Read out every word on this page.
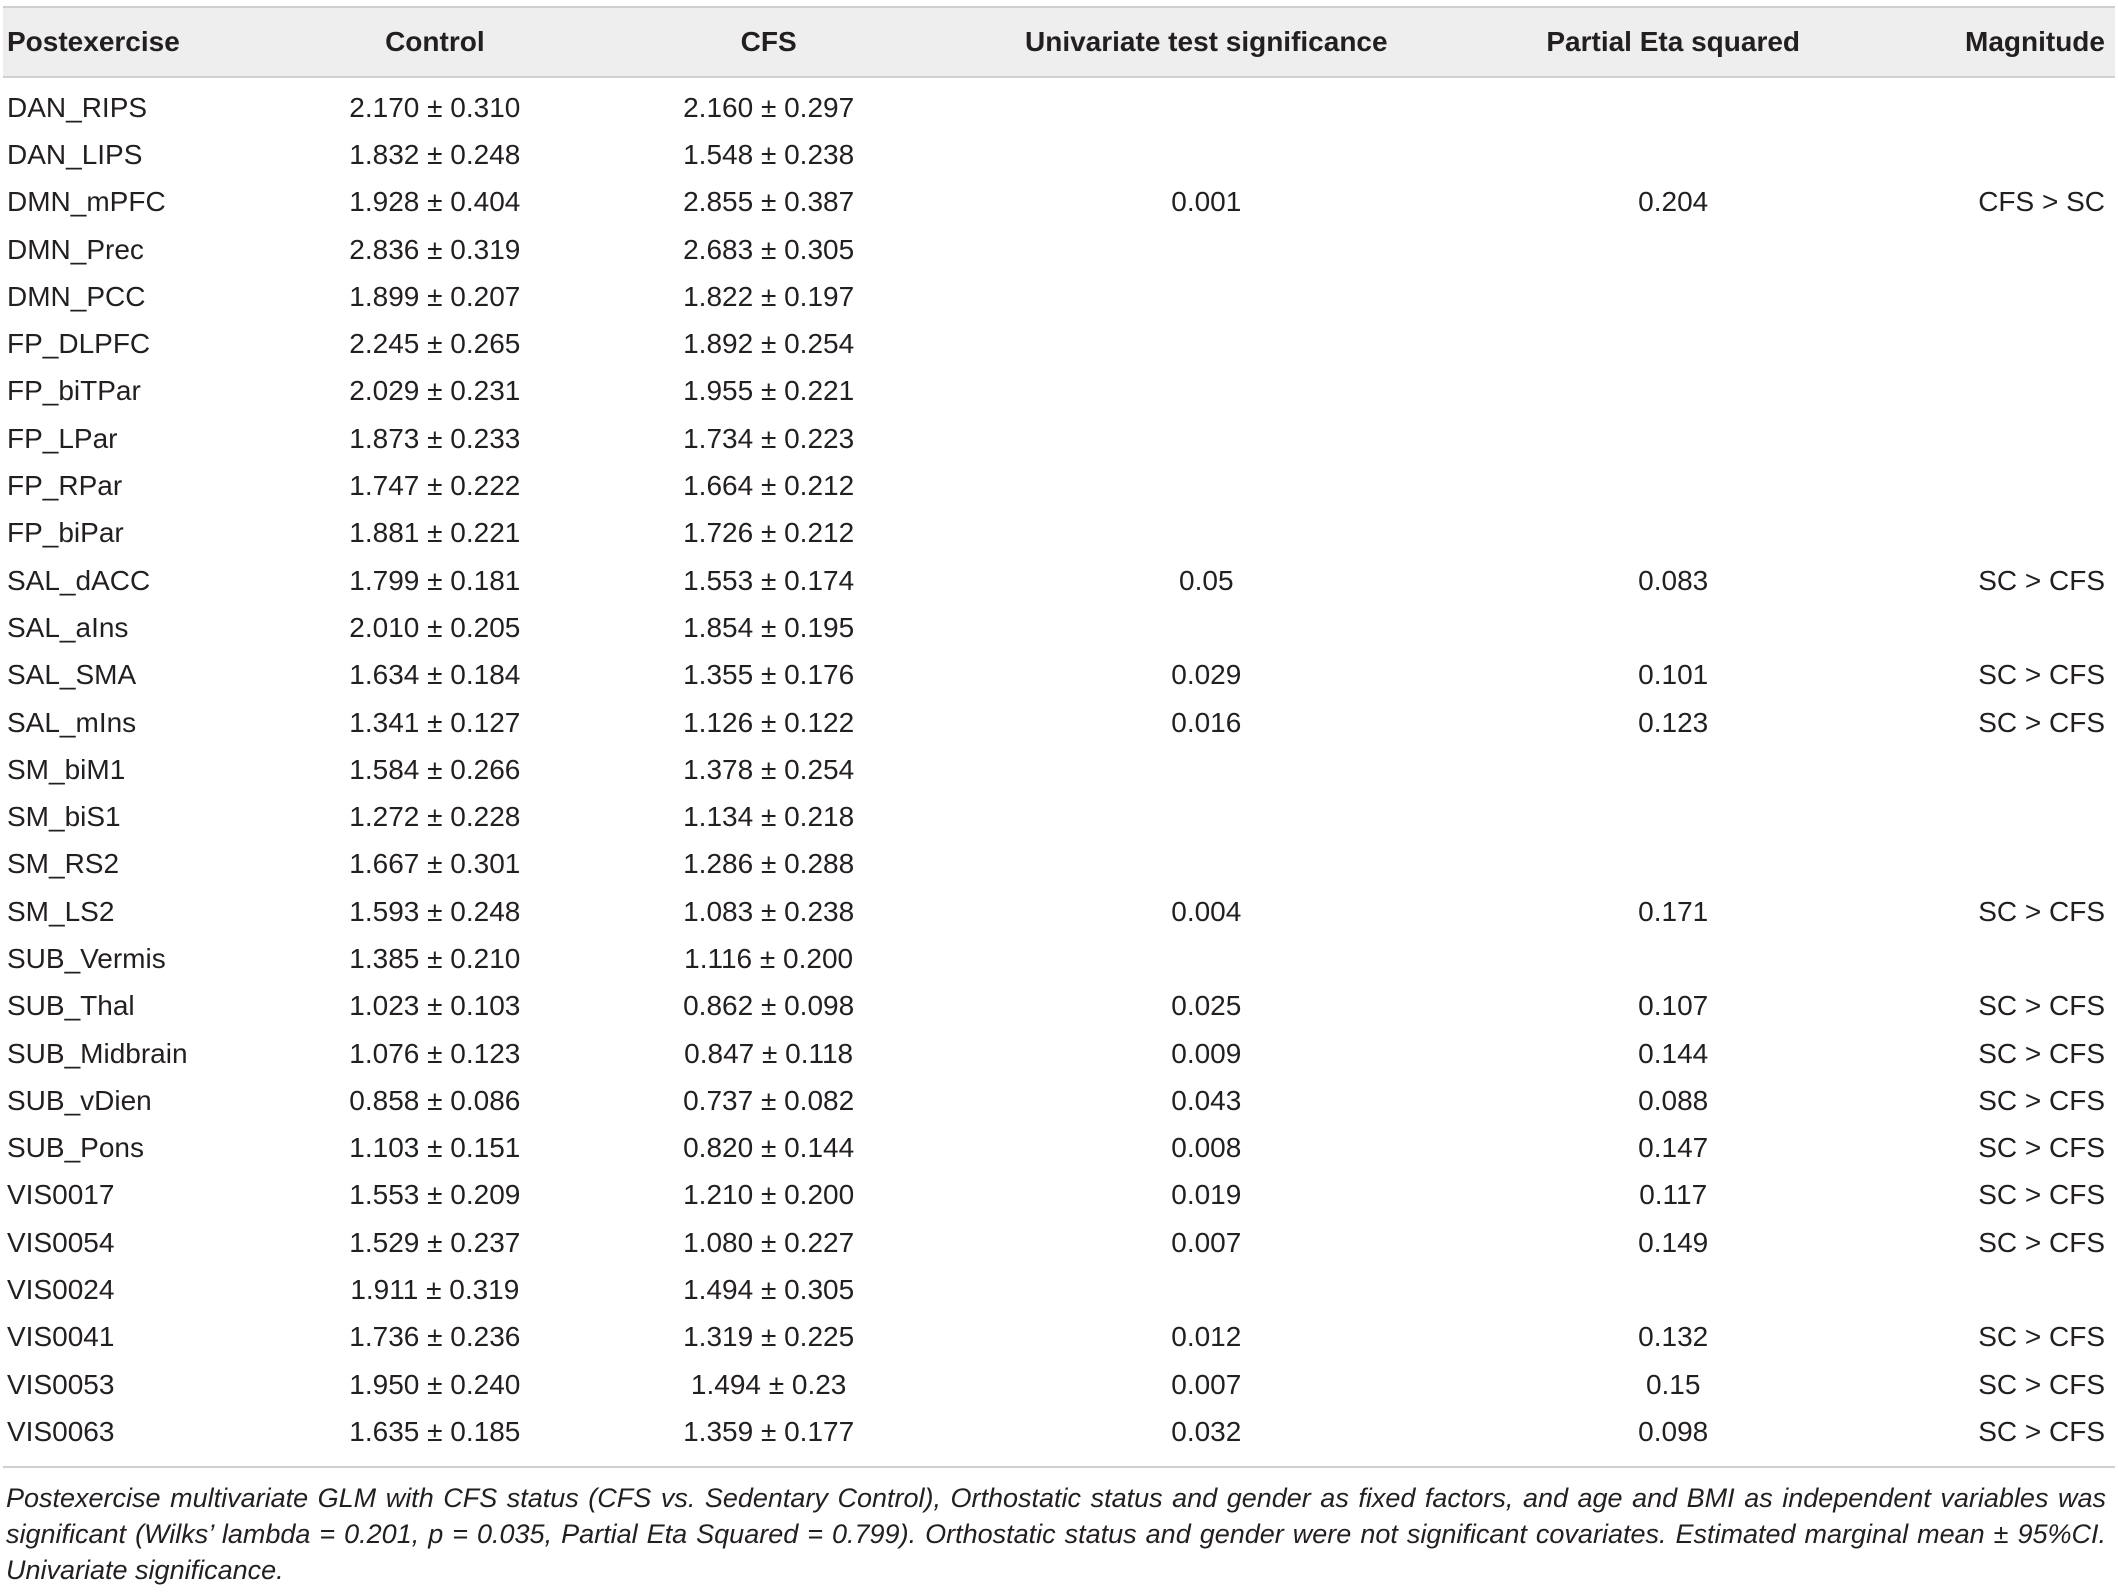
Postexercise	Control	CFS	Univariate test significance	Partial Eta squared	Magnitude
DAN_RIPS	2.170 ± 0.310	2.160 ± 0.297			
DAN_LIPS	1.832 ± 0.248	1.548 ± 0.238			
DMN_mPFC	1.928 ± 0.404	2.855 ± 0.387	0.001	0.204	CFS > SC
DMN_Prec	2.836 ± 0.319	2.683 ± 0.305			
DMN_PCC	1.899 ± 0.207	1.822 ± 0.197			
FP_DLPFC	2.245 ± 0.265	1.892 ± 0.254			
FP_biTPar	2.029 ± 0.231	1.955 ± 0.221			
FP_LPar	1.873 ± 0.233	1.734 ± 0.223			
FP_RPar	1.747 ± 0.222	1.664 ± 0.212			
FP_biPar	1.881 ± 0.221	1.726 ± 0.212			
SAL_dACC	1.799 ± 0.181	1.553 ± 0.174	0.05	0.083	SC > CFS
SAL_aIns	2.010 ± 0.205	1.854 ± 0.195			
SAL_SMA	1.634 ± 0.184	1.355 ± 0.176	0.029	0.101	SC > CFS
SAL_mIns	1.341 ± 0.127	1.126 ± 0.122	0.016	0.123	SC > CFS
SM_biM1	1.584 ± 0.266	1.378 ± 0.254			
SM_biS1	1.272 ± 0.228	1.134 ± 0.218			
SM_RS2	1.667 ± 0.301	1.286 ± 0.288			
SM_LS2	1.593 ± 0.248	1.083 ± 0.238	0.004	0.171	SC > CFS
SUB_Vermis	1.385 ± 0.210	1.116 ± 0.200			
SUB_Thal	1.023 ± 0.103	0.862 ± 0.098	0.025	0.107	SC > CFS
SUB_Midbrain	1.076 ± 0.123	0.847 ± 0.118	0.009	0.144	SC > CFS
SUB_vDien	0.858 ± 0.086	0.737 ± 0.082	0.043	0.088	SC > CFS
SUB_Pons	1.103 ± 0.151	0.820 ± 0.144	0.008	0.147	SC > CFS
VIS0017	1.553 ± 0.209	1.210 ± 0.200	0.019	0.117	SC > CFS
VIS0054	1.529 ± 0.237	1.080 ± 0.227	0.007	0.149	SC > CFS
VIS0024	1.911 ± 0.319	1.494 ± 0.305			
VIS0041	1.736 ± 0.236	1.319 ± 0.225	0.012	0.132	SC > CFS
VIS0053	1.950 ± 0.240	1.494 ± 0.23	0.007	0.15	SC > CFS
VIS0063	1.635 ± 0.185	1.359 ± 0.177	0.032	0.098	SC > CFS
Postexercise multivariate GLM with CFS status (CFS vs. Sedentary Control), Orthostatic status and gender as fixed factors, and age and BMI as independent variables was significant (Wilks’ lambda = 0.201, p = 0.035, Partial Eta Squared = 0.799). Orthostatic status and gender were not significant covariates. Estimated marginal mean ± 95%CI. Univariate significance.
